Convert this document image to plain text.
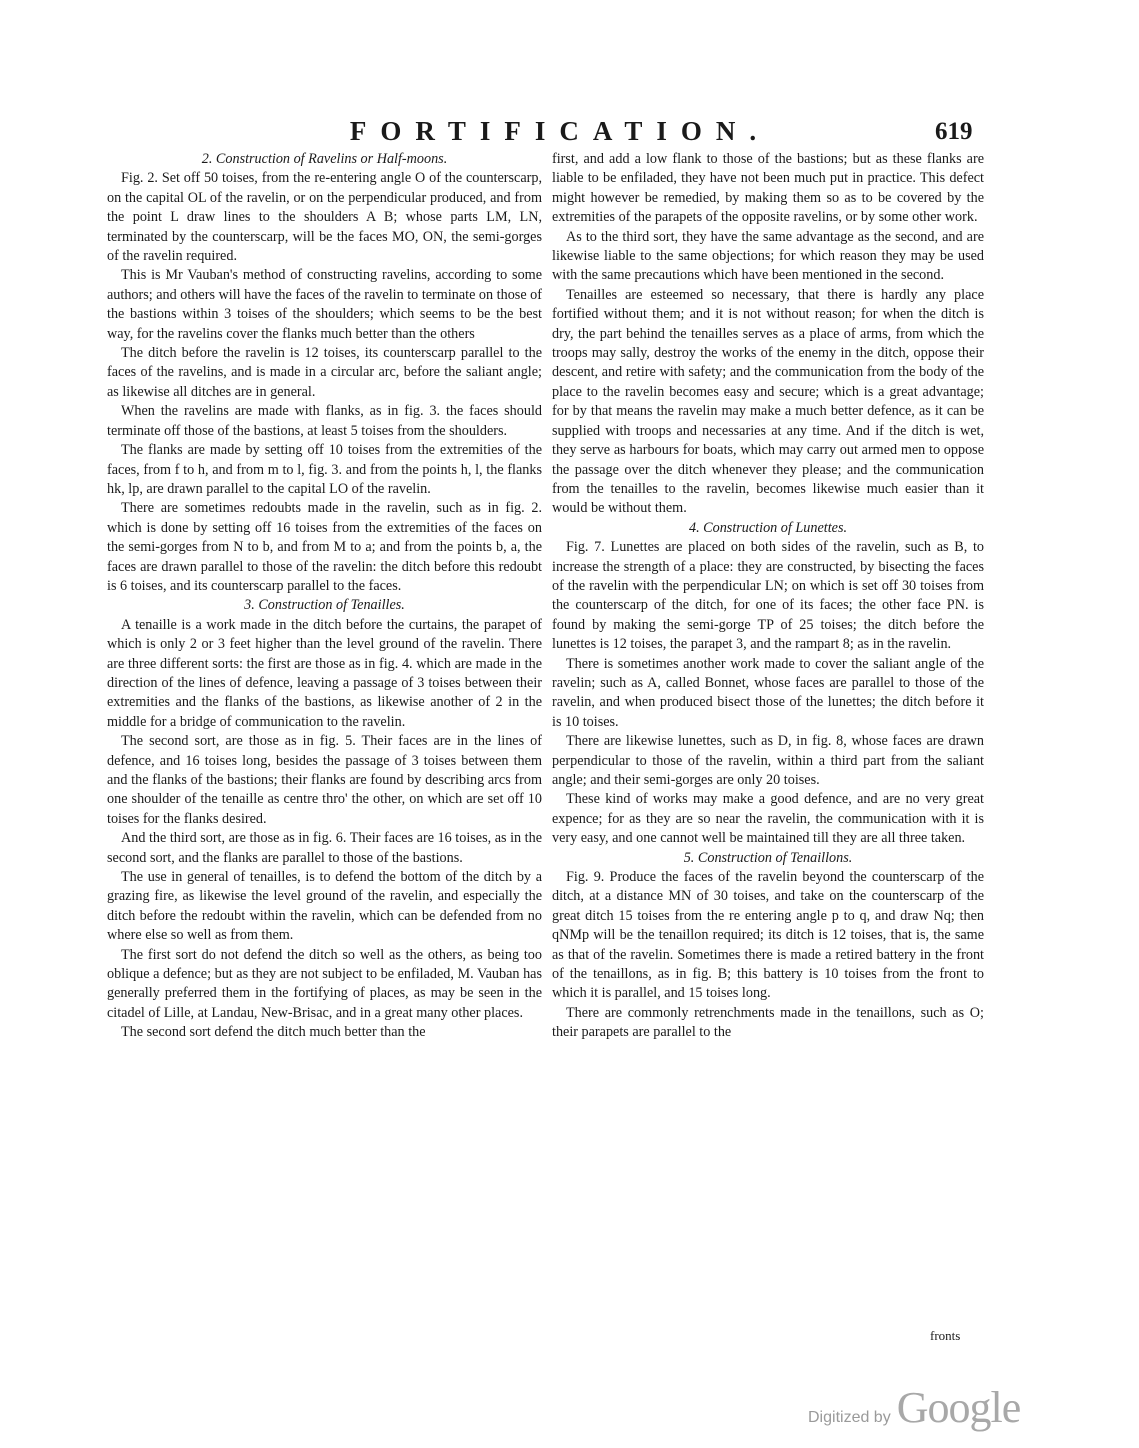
FORTIFICATION.	619
2. Construction of Ravelins or Half-moons.

Fig. 2. Set off 50 toises, from the re-entering angle O of the counterscarp, on the capital OL of the ravelin, or on the perpendicular produced, and from the point L draw lines to the shoulders A B; whose parts LM, LN, terminated by the counterscarp, will be the faces MO, ON, the semi-gorges of the ravelin required.

This is Mr Vauban's method of constructing ravelins, according to some authors; and others will have the faces of the ravelin to terminate on those of the bastions within 3 toises of the shoulders; which seems to be the best way, for the ravelins cover the flanks much better than the others

The ditch before the ravelin is 12 toises, its counterscarp parallel to the faces of the ravelins, and is made in a circular arc, before the saliant angle; as likewise all ditches are in general.

When the ravelins are made with flanks, as in fig. 3. the faces should terminate off those of the bastions, at least 5 toises from the shoulders.

The flanks are made by setting off 10 toises from the extremities of the faces, from f to h, and from m to l, fig. 3. and from the points h, l, the flanks hk, lp, are drawn parallel to the capital LO of the ravelin.

There are sometimes redoubts made in the ravelin, such as in fig. 2. which is done by setting off 16 toises from the extremities of the faces on the semi-gorges from N to b, and from M to a; and from the points b, a, the faces are drawn parallel to those of the ravelin: the ditch before this redoubt is 6 toises, and its counterscarp parallel to the faces.

3. Construction of Tenailles.

A tenaille is a work made in the ditch before the curtains, the parapet of which is only 2 or 3 feet higher than the level ground of the ravelin. There are three different sorts: the first are those as in fig. 4. which are made in the direction of the lines of defence, leaving a passage of 3 toises between their extremities and the flanks of the bastions, as likewise another of 2 in the middle for a bridge of communication to the ravelin.

The second sort, are those as in fig. 5. Their faces are in the lines of defence, and 16 toises long, besides the passage of 3 toises between them and the flanks of the bastions; their flanks are found by describing arcs from one shoulder of the tenaille as centre thro' the other, on which are set off 10 toises for the flanks desired.

And the third sort, are those as in fig. 6. Their faces are 16 toises, as in the second sort, and the flanks are parallel to those of the bastions.

The use in general of tenailles, is to defend the bottom of the ditch by a grazing fire, as likewise the level ground of the ravelin, and especially the ditch before the redoubt within the ravelin, which can be defended from no where else so well as from them.

The first sort do not defend the ditch so well as the others, as being too oblique a defence; but as they are not subject to be enfiladed, M. Vauban has generally preferred them in the fortifying of places, as may be seen in the citadel of Lille, at Landau, New-Brisac, and in a great many other places.

The second sort defend the ditch much better than the

first, and add a low flank to those of the bastions; but as these flanks are liable to be enfiladed, they have not been much put in practice. This defect might however be remedied, by making them so as to be covered by the extremities of the parapets of the opposite ravelins, or by some other work.

As to the third sort, they have the same advantage as the second, and are likewise liable to the same objections; for which reason they may be used with the same precautions which have been mentioned in the second.

Tenailles are esteemed so necessary, that there is hardly any place fortified without them; and it is not without reason; for when the ditch is dry, the part behind the tenailles serves as a place of arms, from which the troops may sally, destroy the works of the enemy in the ditch, oppose their descent, and retire with safety; and the communication from the body of the place to the ravelin becomes easy and secure; which is a great advantage; for by that means the ravelin may make a much better defence, as it can be supplied with troops and necessaries at any time. And if the ditch is wet, they serve as harbours for boats, which may carry out armed men to oppose the passage over the ditch whenever they please; and the communication from the tenailles to the ravelin, becomes likewise much easier than it would be without them.

4. Construction of Lunettes.

Fig. 7. Lunettes are placed on both sides of the ravelin, such as B, to increase the strength of a place: they are constructed, by bisecting the faces of the ravelin with the perpendicular LN; on which is set off 30 toises from the counterscarp of the ditch, for one of its faces; the other face PN. is found by making the semi-gorge TP of 25 toises; the ditch before the lunettes is 12 toises, the parapet 3, and the rampart 8; as in the ravelin.

There is sometimes another work made to cover the saliant angle of the ravelin; such as A, called Bonnet, whose faces are parallel to those of the ravelin, and when produced bisect those of the lunettes; the ditch before it is 10 toises.

There are likewise lunettes, such as D, in fig. 8, whose faces are drawn perpendicular to those of the ravelin, within a third part from the saliant angle; and their semi-gorges are only 20 toises.

These kind of works may make a good defence, and are no very great expence; for as they are so near the ravelin, the communication with it is very easy, and one cannot well be maintained till they are all three taken.

5. Construction of Tenaillons.

Fig. 9. Produce the faces of the ravelin beyond the counterscarp of the ditch, at a distance MN of 30 toises, and take on the counterscarp of the great ditch 15 toises from the re entering angle p to q, and draw Nq; then qNMp will be the tenaillon required; its ditch is 12 toises, that is, the same as that of the ravelin. Sometimes there is made a retired battery in the front of the tenaillons, as in fig. B; this battery is 10 toises from the front to which it is parallel, and 15 toises long.

There are commonly retrenchments made in the tenaillons, such as O; their parapets are parallel to the

fronts
Digitized by Google
